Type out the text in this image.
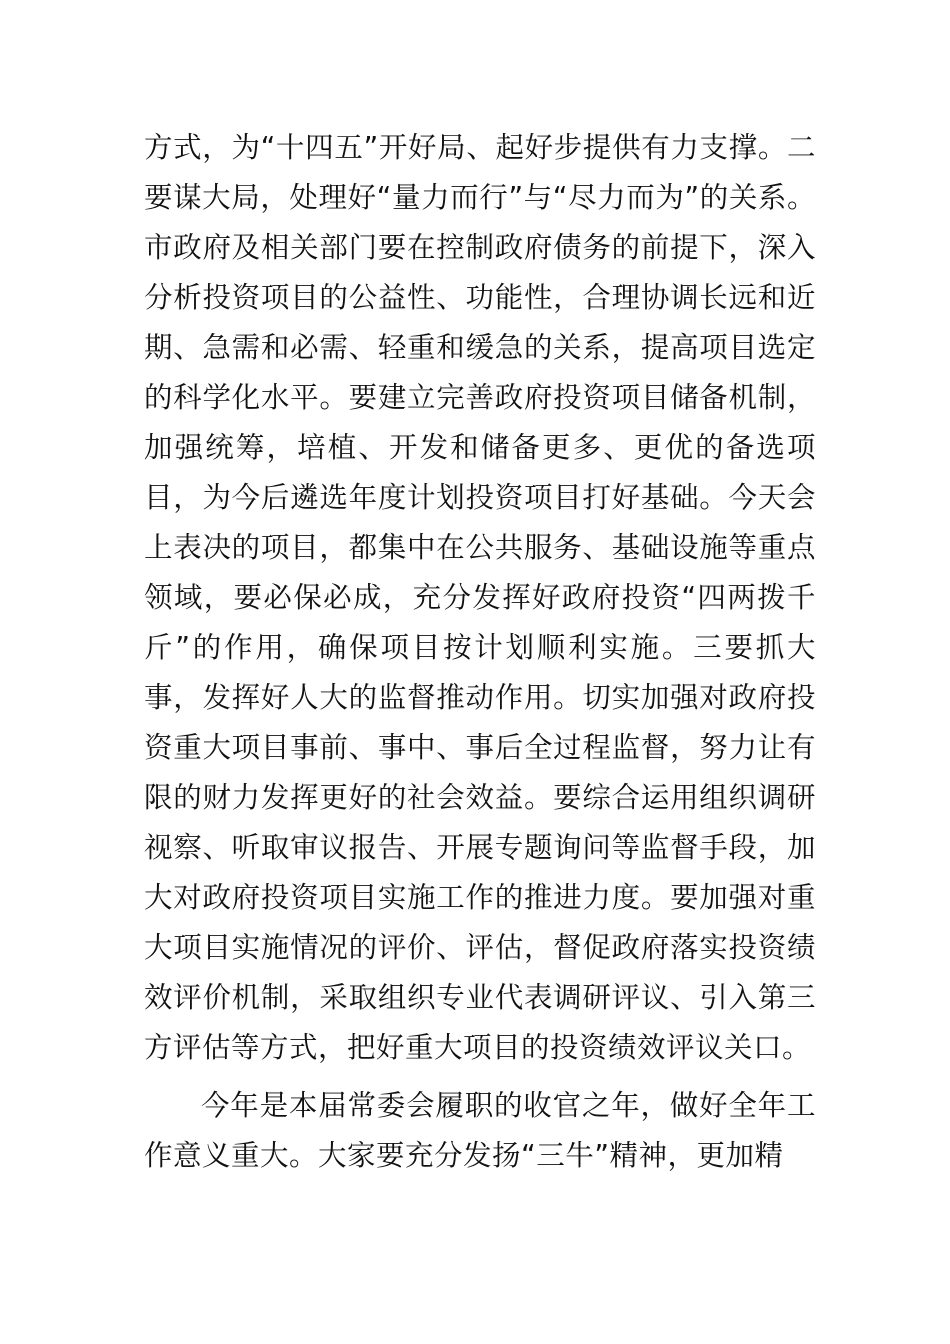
方式，为“十四五”开好局、起好步提供有力支撑。二要谋大局，处理好“量力而行”与“尽力而为”的关系。市政府及相关部门要在控制政府债务的前提下，深入分析投资项目的公益性、功能性，合理协调长远和近期、急需和必需、轻重和缓急的关系，提高项目选定的科学化水平。要建立完善政府投资项目储备机制，加强统筹，培植、开发和储备更多、更优的备选项目，为今后遴选年度计划投资项目打好基础。今天会上表决的项目，都集中在公共服务、基础设施等重点领域，要必保必成，充分发挥好政府投资“四两拨千斤”的作用，确保项目按计划顺利实施。三要抓大事，发挥好人大的监督推动作用。切实加强对政府投资重大项目事前、事中、事后全过程监督，努力让有限的财力发挥更好的社会效益。要综合运用组织调研视察、听取审议报告、开展专题询问等监督手段，加大对政府投资项目实施工作的推进力度。要加强对重大项目实施情况的评价、评估，督促政府落实投资绩效评价机制，采取组织专业代表调研评议、引入第三方评估等方式，把好重大项目的投资绩效评议关口。

今年是本届常委会履职的收官之年，做好全年工作意义重大。大家要充分发扬“三牛”精神，更加精
